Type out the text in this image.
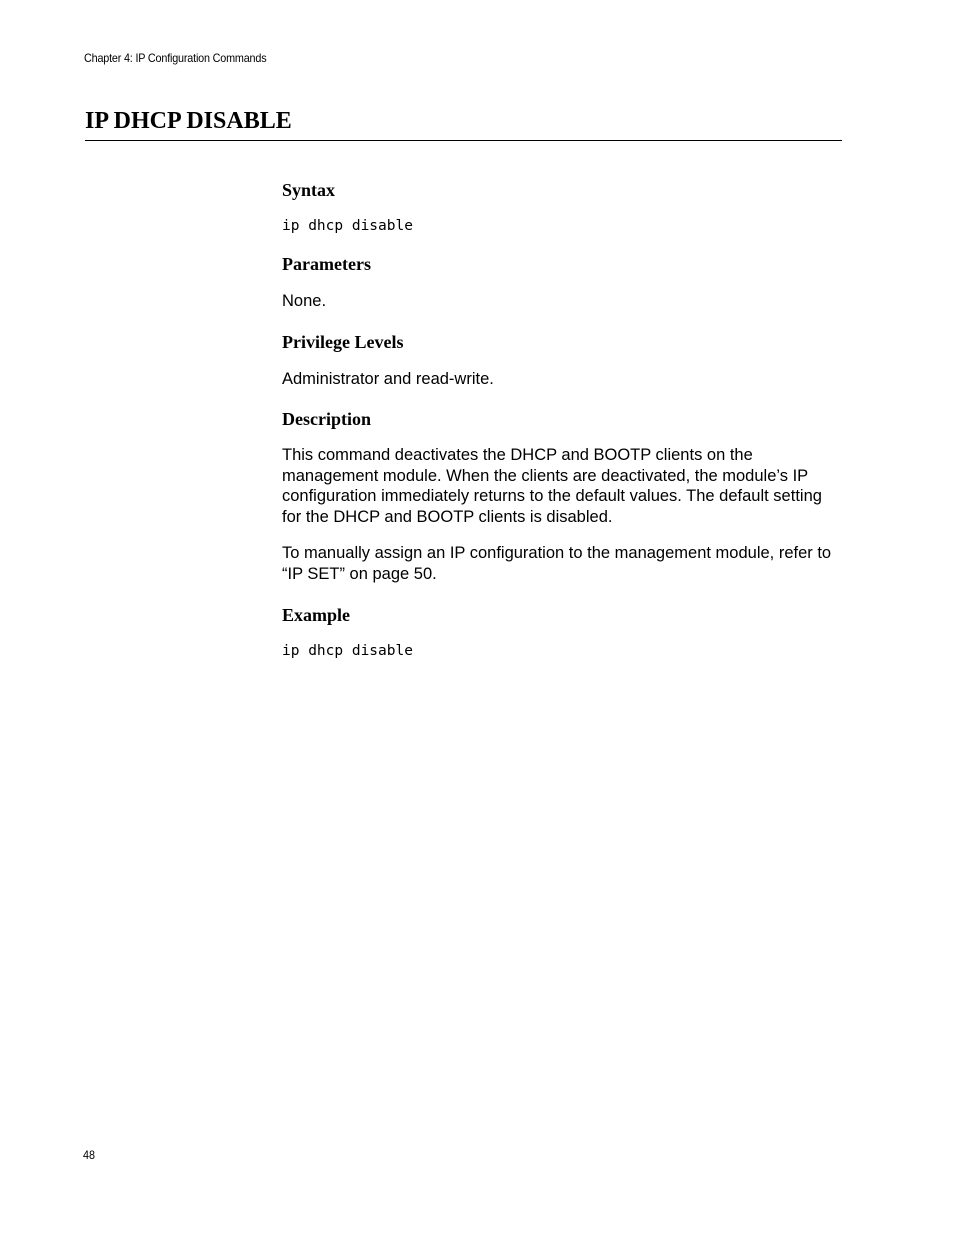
Chapter 4: IP Configuration Commands
IP DHCP DISABLE
Syntax

ip dhcp disable

Parameters

None.

Privilege Levels

Administrator and read-write.

Description

This command deactivates the DHCP and BOOTP clients on the management module. When the clients are deactivated, the module’s IP configuration immediately returns to the default values. The default setting for the DHCP and BOOTP clients is disabled.

To manually assign an IP configuration to the management module, refer to “IP SET” on page 50.

Example

ip dhcp disable

48
